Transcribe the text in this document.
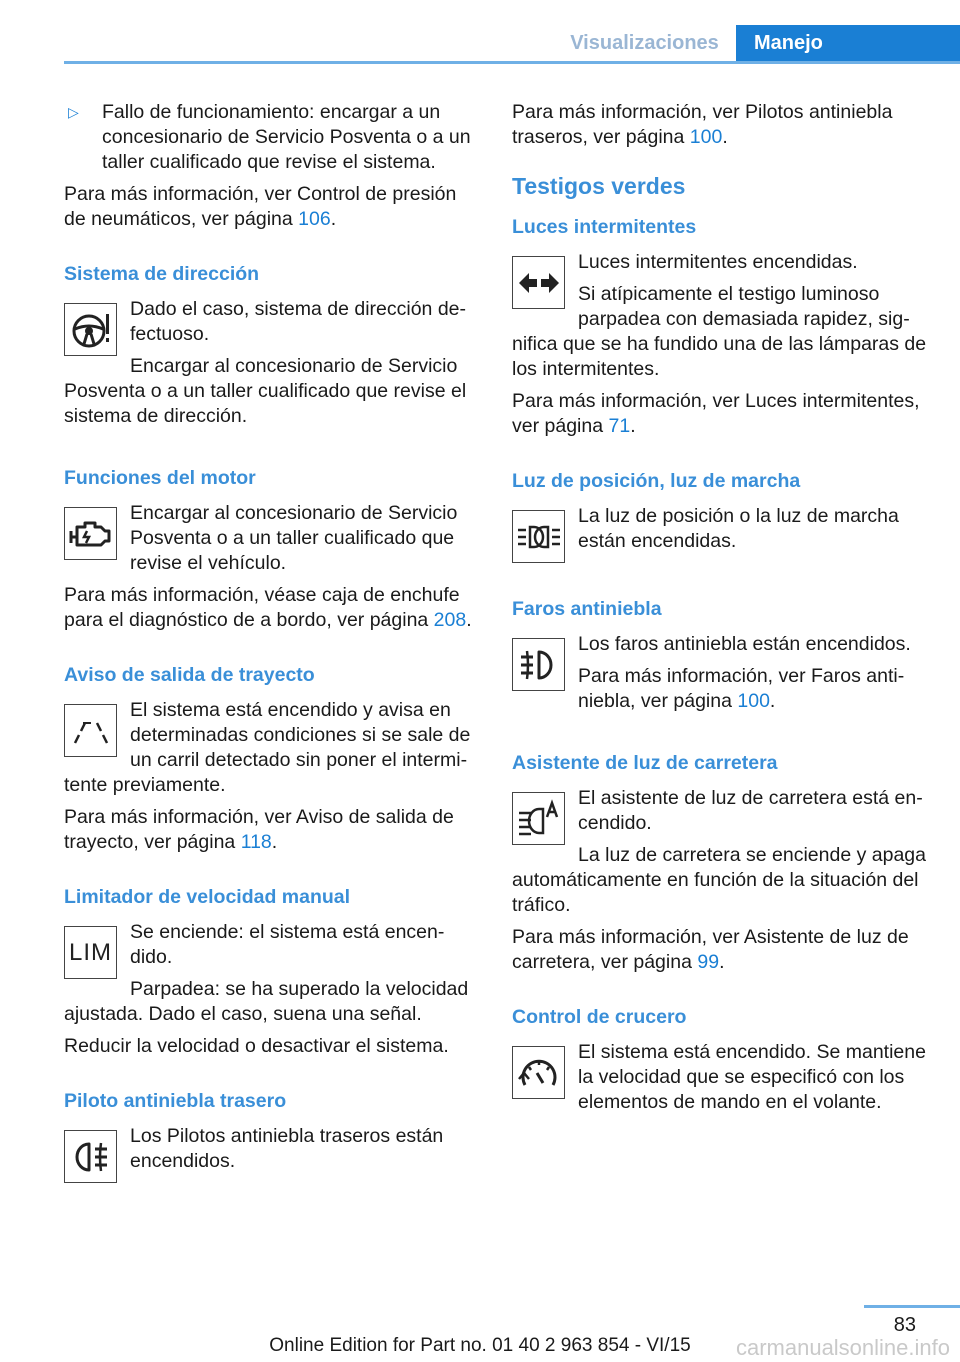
Visualizaciones	Manejo
▷	Fallo de funcionamiento: encargar a un concesionario de Servicio Posventa o a un taller cualificado que revise el sistema.

Para más información, ver Control de presión de neumáticos, ver página 106.

Sistema de dirección

Dado el caso, sistema de dirección defectuoso.

Encargar al concesionario de Servicio Posventa o a un taller cualificado que revise el sistema de dirección.

Funciones del motor

Encargar al concesionario de Servicio Posventa o a un taller cualificado que revise el vehículo.

Para más información, véase caja de enchufe para el diagnóstico de a bordo, ver página 208.

Aviso de salida de trayecto

El sistema está encendido y avisa en determinadas condiciones si se sale de un carril detectado sin poner el intermitente previamente.

Para más información, ver Aviso de salida de trayecto, ver página 118.

Limitador de velocidad manual
LIM

Se enciende: el sistema está encendido.

Parpadea: se ha superado la velocidad ajustada. Dado el caso, suena una señal.

Reducir la velocidad o desactivar el sistema.

Piloto antiniebla trasero

Los Pilotos antiniebla traseros están encendidos.

Para más información, ver Pilotos antiniebla traseros, ver página 100.

Testigos verdes
Luces intermitentes

Luces intermitentes encendidas.

Si atípicamente el testigo luminoso parpadea con demasiada rapidez, significa que se ha fundido una de las lámparas de los intermitentes.

Para más información, ver Luces intermitentes, ver página 71.

Luz de posición, luz de marcha

La luz de posición o la luz de marcha están encendidas.

Faros antiniebla

Los faros antiniebla están encendidos.

Para más información, ver Faros antiniebla, ver página 100.

Asistente de luz de carretera

El asistente de luz de carretera está encendido.

La luz de carretera se enciende y apaga automáticamente en función de la situación del tráfico.

Para más información, ver Asistente de luz de carretera, ver página 99.

Control de crucero

El sistema está encendido. Se mantiene la velocidad que se especificó con los elementos de mando en el volante.

83
Online Edition for Part no. 01 40 2 963 854 - VI/15 carmanualsonline.info
